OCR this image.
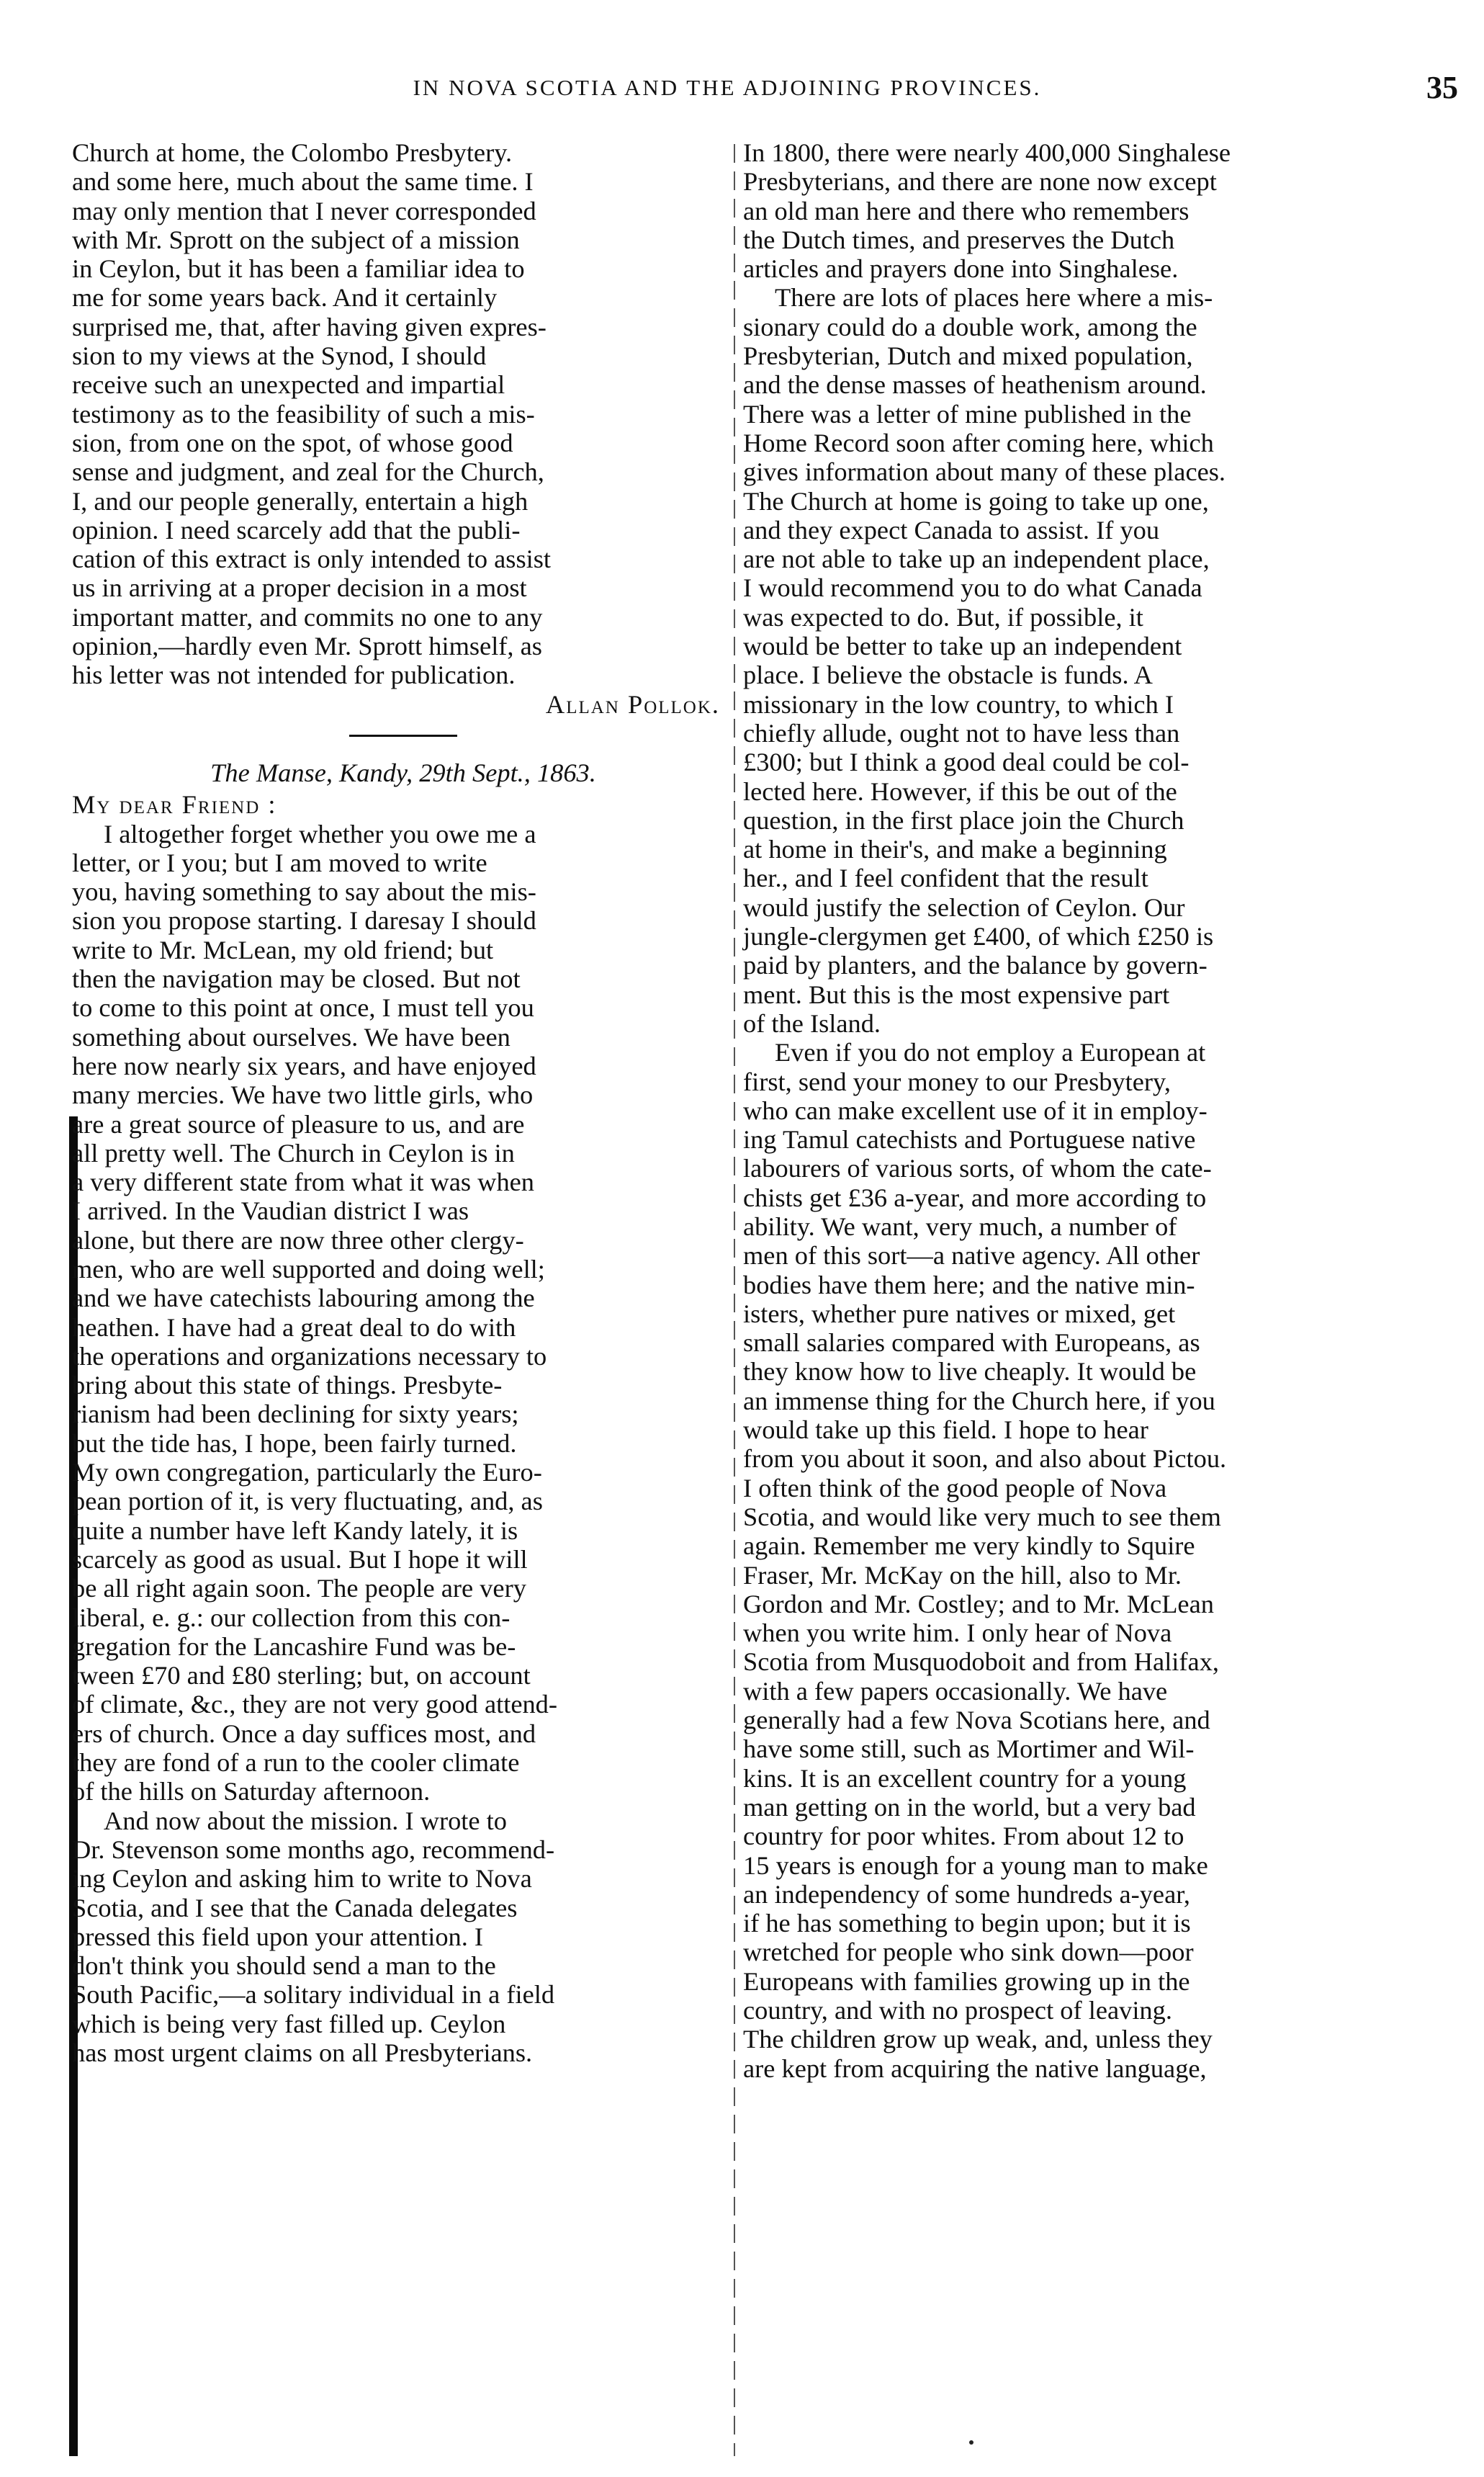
IN NOVA SCOTIA AND THE ADJOINING PROVINCES.	35

Church at home, the Colombo Presbytery.
and some here, much about the same time. I
may only mention that I never corresponded
with Mr. Sprott on the subject of a mission
in Ceylon, but it has been a familiar idea to
me for some years back. And it certainly
surprised me, that, after having given expres-
sion to my views at the Synod, I should
receive such an unexpected and impartial
testimony as to the feasibility of such a mis-
sion, from one on the spot, of whose good
sense and judgment, and zeal for the Church,
I, and our people generally, entertain a high
opinion. I need scarcely add that the publi-
cation of this extract is only intended to assist
us in arriving at a proper decision in a most
important matter, and commits no one to any
opinion,—hardly even Mr. Sprott himself, as
his letter was not intended for publication.

Allan Pollok.
The Manse, Kandy, 29th Sept., 1863.
My dear Friend :

I altogether forget whether you owe me a
letter, or I you; but I am moved to write
you, having something to say about the mis-
sion you propose starting. I daresay I should
write to Mr. McLean, my old friend; but
then the navigation may be closed. But not
to come to this point at once, I must tell you
something about ourselves. We have been
here now nearly six years, and have enjoyed
many mercies. We have two little girls, who
are a great source of pleasure to us, and are
all pretty well. The Church in Ceylon is in
a very different state from what it was when
I arrived. In the Vaudian district I was
alone, but there are now three other clergy-
men, who are well supported and doing well;
and we have catechists labouring among the
heathen. I have had a great deal to do with
the operations and organizations necessary to
bring about this state of things. Presbyte-
rianism had been declining for sixty years;
but the tide has, I hope, been fairly turned.
My own congregation, particularly the Euro-
pean portion of it, is very fluctuating, and, as
quite a number have left Kandy lately, it is
scarcely as good as usual. But I hope it will
be all right again soon. The people are very
liberal, e. g.: our collection from this con-
gregation for the Lancashire Fund was be-
tween £70 and £80 sterling; but, on account
of climate, &c., they are not very good attend-
ers of church. Once a day suffices most, and
they are fond of a run to the cooler climate
of the hills on Saturday afternoon.

And now about the mission. I wrote to
Dr. Stevenson some months ago, recommend-
ing Ceylon and asking him to write to Nova
Scotia, and I see that the Canada delegates
pressed this field upon your attention. I
don't think you should send a man to the
South Pacific,—a solitary individual in a field
which is being very fast filled up. Ceylon
has most urgent claims on all Presbyterians.

In 1800, there were nearly 400,000 Singhalese
Presbyterians, and there are none now except
an old man here and there who remembers
the Dutch times, and preserves the Dutch
articles and prayers done into Singhalese.

There are lots of places here where a mis-
sionary could do a double work, among the
Presbyterian, Dutch and mixed population,
and the dense masses of heathenism around.
There was a letter of mine published in the
Home Record soon after coming here, which
gives information about many of these places.
The Church at home is going to take up one,
and they expect Canada to assist. If you
are not able to take up an independent place,
I would recommend you to do what Canada
was expected to do. But, if possible, it
would be better to take up an independent
place. I believe the obstacle is funds. A
missionary in the low country, to which I
chiefly allude, ought not to have less than
£300; but I think a good deal could be col-
lected here. However, if this be out of the
question, in the first place join the Church
at home in their's, and make a beginning
her., and I feel confident that the result
would justify the selection of Ceylon. Our
jungle-clergymen get £400, of which £250 is
paid by planters, and the balance by govern-
ment. But this is the most expensive part
of the Island.

Even if you do not employ a European at
first, send your money to our Presbytery,
who can make excellent use of it in employ-
ing Tamul catechists and Portuguese native
labourers of various sorts, of whom the cate-
chists get £36 a-year, and more according to
ability. We want, very much, a number of
men of this sort—a native agency. All other
bodies have them here; and the native min-
isters, whether pure natives or mixed, get
small salaries compared with Europeans, as
they know how to live cheaply. It would be
an immense thing for the Church here, if you
would take up this field. I hope to hear
from you about it soon, and also about Pictou.
I often think of the good people of Nova
Scotia, and would like very much to see them
again. Remember me very kindly to Squire
Fraser, Mr. McKay on the hill, also to Mr.
Gordon and Mr. Costley; and to Mr. McLean
when you write him. I only hear of Nova
Scotia from Musquodoboit and from Halifax,
with a few papers occasionally. We have
generally had a few Nova Scotians here, and
have some still, such as Mortimer and Wil-
kins. It is an excellent country for a young
man getting on in the world, but a very bad
country for poor whites. From about 12 to
15 years is enough for a young man to make
an independency of some hundreds a-year,
if he has something to begin upon; but it is
wretched for people who sink down—poor
Europeans with families growing up in the
country, and with no prospect of leaving.
The children grow up weak, and, unless they
are kept from acquiring the native language,
